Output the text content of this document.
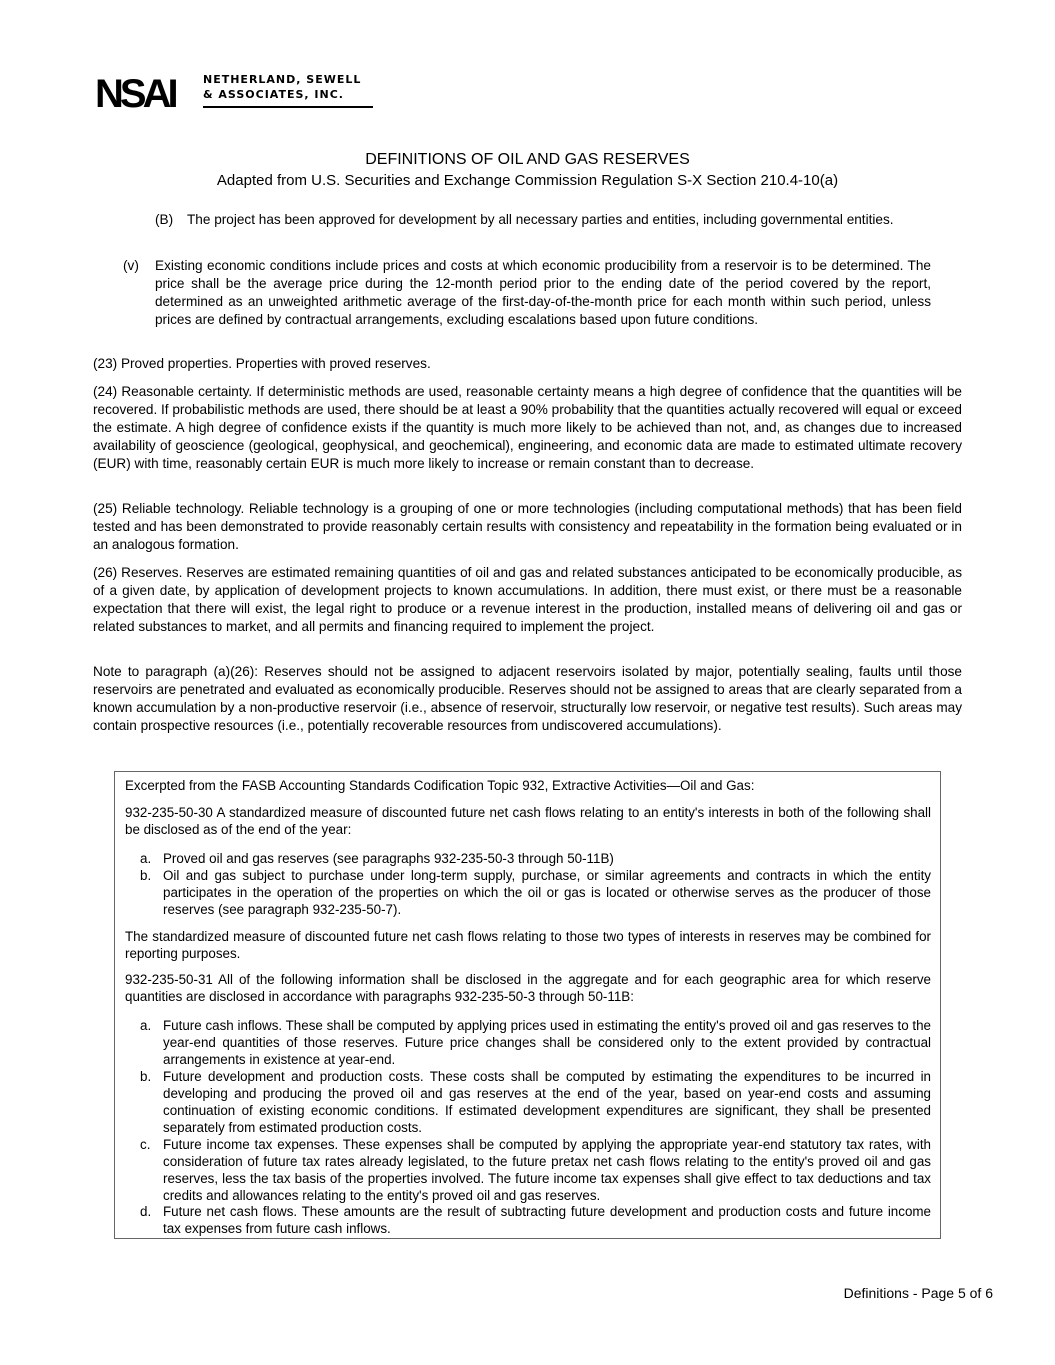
NSAI	NETHERLAND, SEWELL
& ASSOCIATES, INC.
DEFINITIONS OF OIL AND GAS RESERVES
Adapted from U.S. Securities and Exchange Commission Regulation S-X Section 210.4-10(a)
(B) The project has been approved for development by all necessary parties and entities, including governmental entities.
(v) Existing economic conditions include prices and costs at which economic producibility from a reservoir is to be determined. The price shall be the average price during the 12-month period prior to the ending date of the period covered by the report, determined as an unweighted arithmetic average of the first-day-of-the-month price for each month within such period, unless prices are defined by contractual arrangements, excluding escalations based upon future conditions.

(23) Proved properties. Properties with proved reserves.

(24) Reasonable certainty. If deterministic methods are used, reasonable certainty means a high degree of confidence that the quantities will be recovered. If probabilistic methods are used, there should be at least a 90% probability that the quantities actually recovered will equal or exceed the estimate. A high degree of confidence exists if the quantity is much more likely to be achieved than not, and, as changes due to increased availability of geoscience (geological, geophysical, and geochemical), engineering, and economic data are made to estimated ultimate recovery (EUR) with time, reasonably certain EUR is much more likely to increase or remain constant than to decrease.

(25) Reliable technology. Reliable technology is a grouping of one or more technologies (including computational methods) that has been field tested and has been demonstrated to provide reasonably certain results with consistency and repeatability in the formation being evaluated or in an analogous formation.

(26) Reserves. Reserves are estimated remaining quantities of oil and gas and related substances anticipated to be economically producible, as of a given date, by application of development projects to known accumulations. In addition, there must exist, or there must be a reasonable expectation that there will exist, the legal right to produce or a revenue interest in the production, installed means of delivering oil and gas or related substances to market, and all permits and financing required to implement the project.

Note to paragraph (a)(26): Reserves should not be assigned to adjacent reservoirs isolated by major, potentially sealing, faults until those reservoirs are penetrated and evaluated as economically producible. Reserves should not be assigned to areas that are clearly separated from a known accumulation by a non-productive reservoir (i.e., absence of reservoir, structurally low reservoir, or negative test results). Such areas may contain prospective resources (i.e., potentially recoverable resources from undiscovered accumulations).

Excerpted from the FASB Accounting Standards Codification Topic 932, Extractive Activities—Oil and Gas:
932-235-50-30 A standardized measure of discounted future net cash flows relating to an entity's interests in both of the following shall be disclosed as of the end of the year:
a. Proved oil and gas reserves (see paragraphs 932-235-50-3 through 50-11B)
b. Oil and gas subject to purchase under long-term supply, purchase, or similar agreements and contracts in which the entity participates in the operation of the properties on which the oil or gas is located or otherwise serves as the producer of those reserves (see paragraph 932-235-50-7).
The standardized measure of discounted future net cash flows relating to those two types of interests in reserves may be combined for reporting purposes.
932-235-50-31 All of the following information shall be disclosed in the aggregate and for each geographic area for which reserve quantities are disclosed in accordance with paragraphs 932-235-50-3 through 50-11B:
a. Future cash inflows. These shall be computed by applying prices used in estimating the entity's proved oil and gas reserves to the year-end quantities of those reserves. Future price changes shall be considered only to the extent provided by contractual arrangements in existence at year-end.
b. Future development and production costs. These costs shall be computed by estimating the expenditures to be incurred in developing and producing the proved oil and gas reserves at the end of the year, based on year-end costs and assuming continuation of existing economic conditions. If estimated development expenditures are significant, they shall be presented separately from estimated production costs.
c. Future income tax expenses. These expenses shall be computed by applying the appropriate year-end statutory tax rates, with consideration of future tax rates already legislated, to the future pretax net cash flows relating to the entity's proved oil and gas reserves, less the tax basis of the properties involved. The future income tax expenses shall give effect to tax deductions and tax credits and allowances relating to the entity's proved oil and gas reserves.
d. Future net cash flows. These amounts are the result of subtracting future development and production costs and future income tax expenses from future cash inflows.
Definitions - Page 5 of 6
